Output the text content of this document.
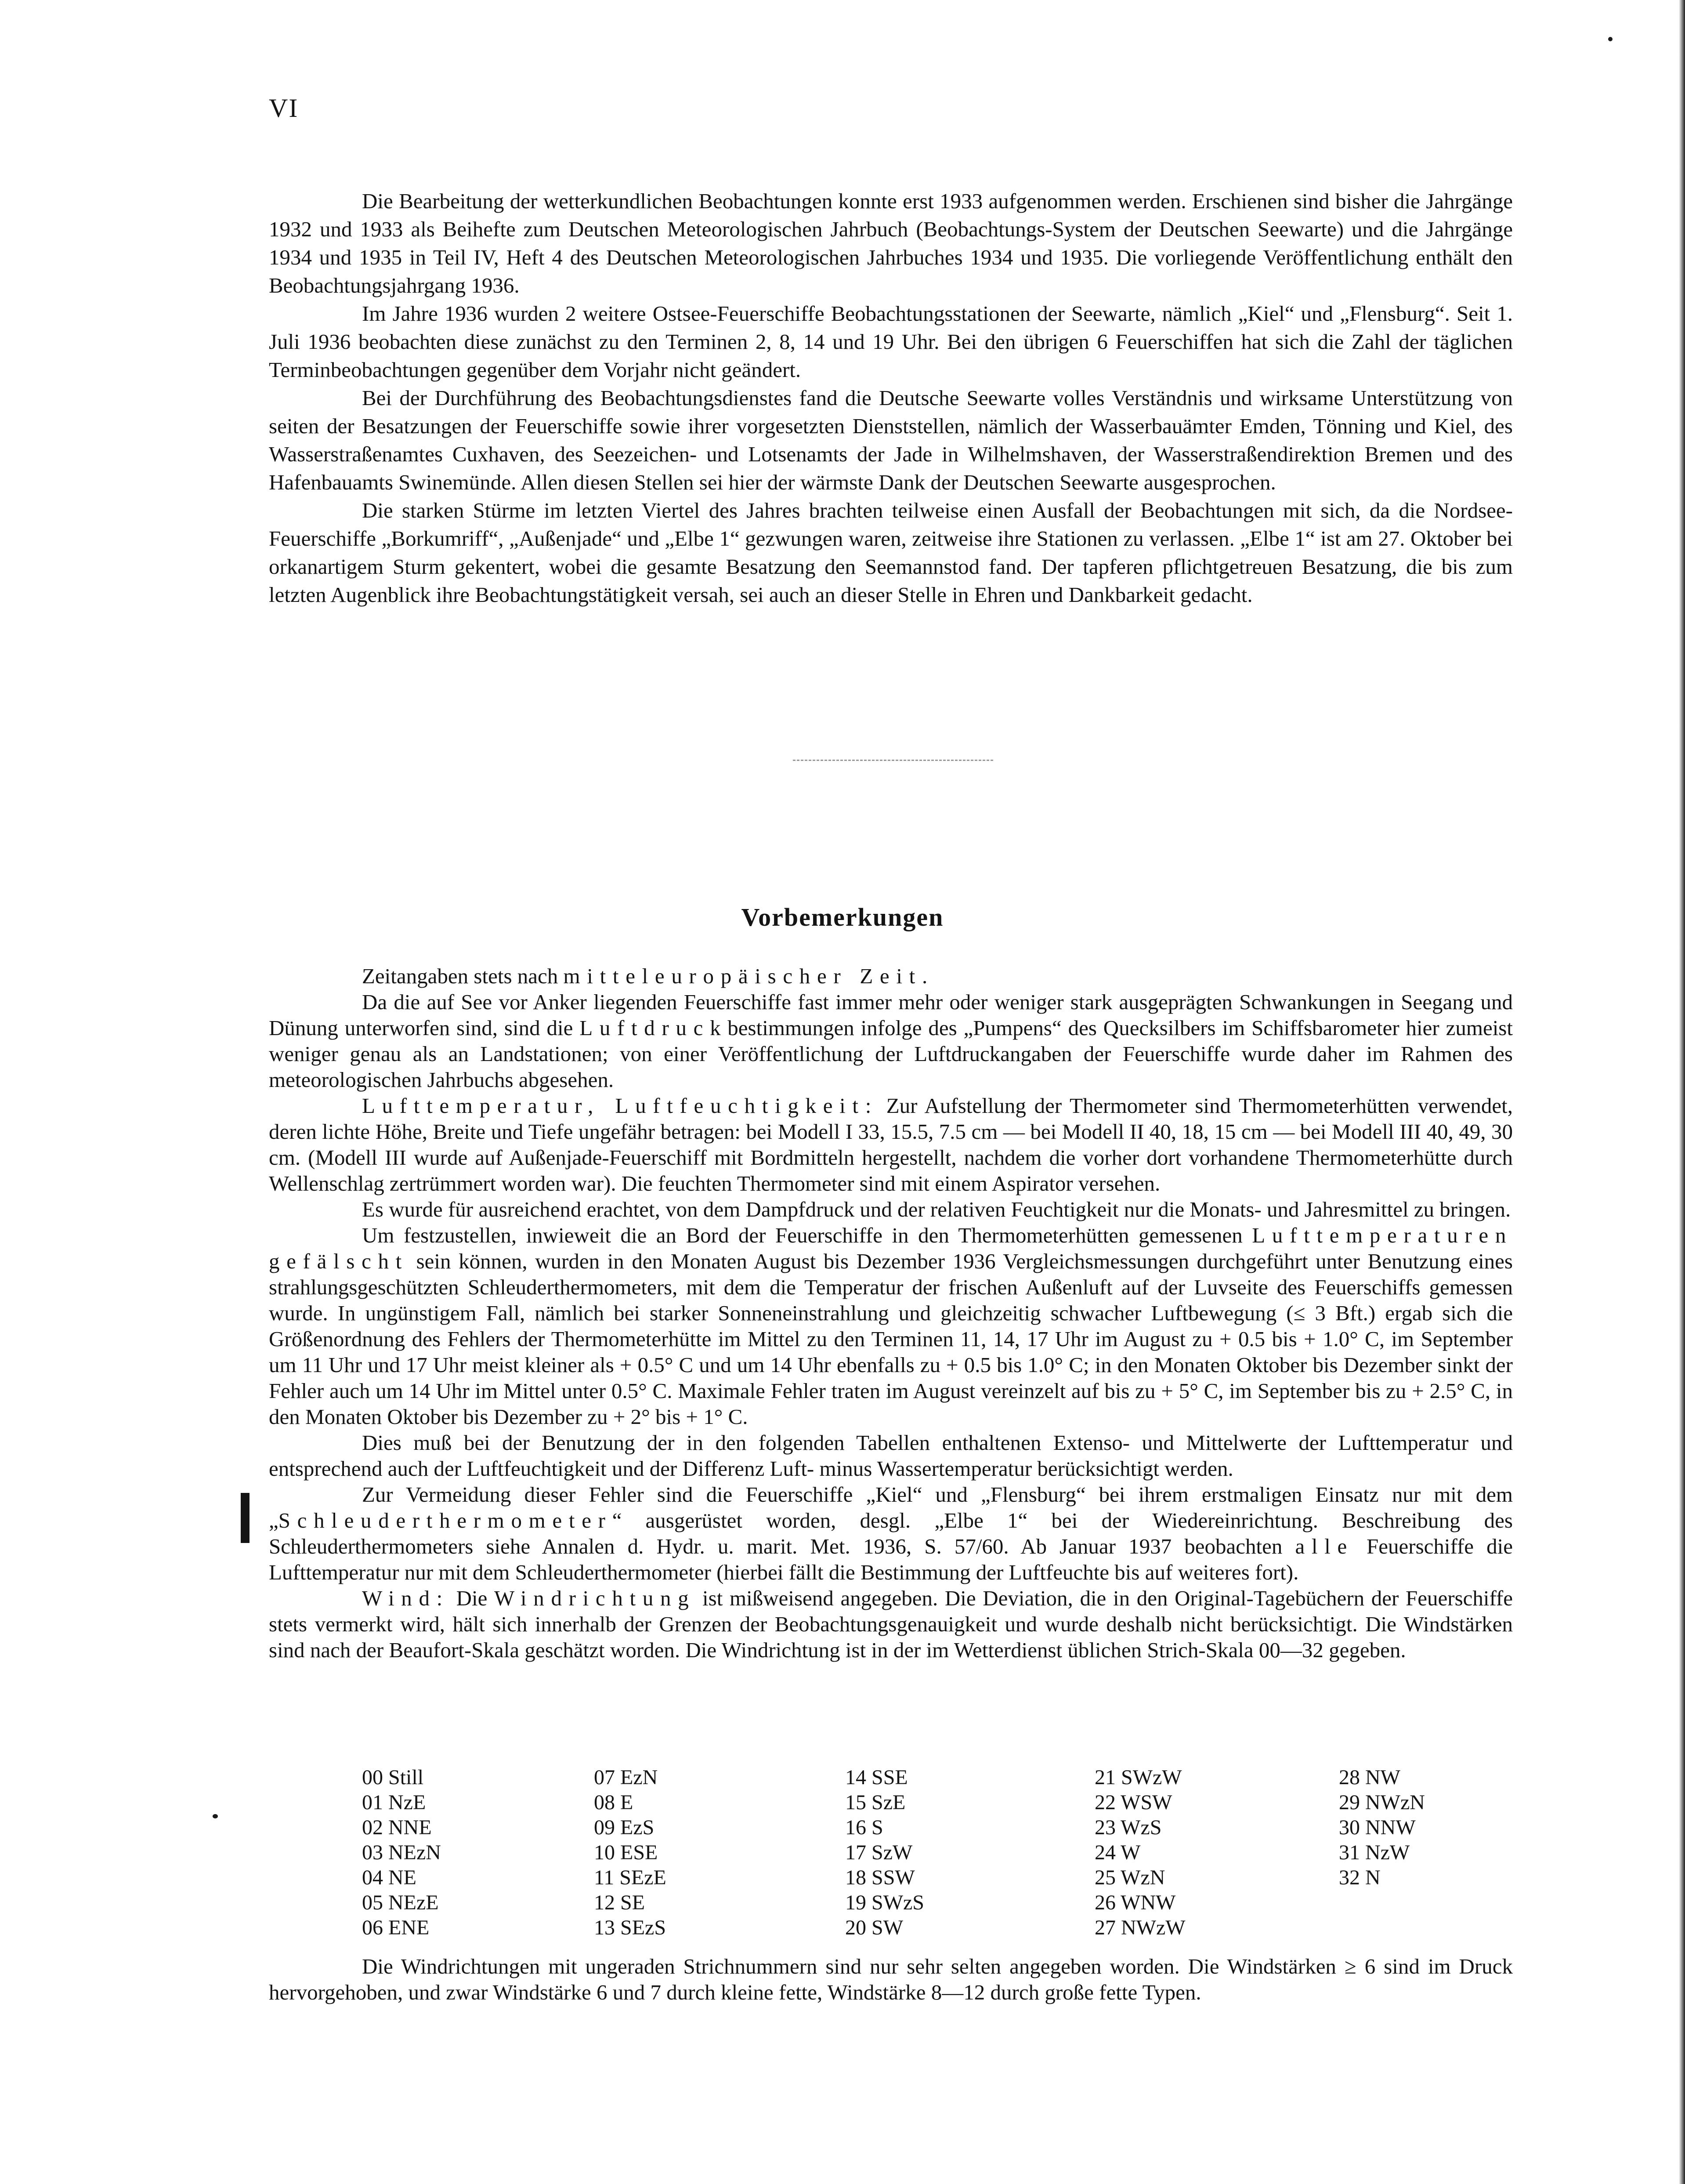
VI

Die Bearbeitung der wetterkundlichen Beobachtungen konnte erst 1933 aufgenommen werden. Erschienen sind bisher die Jahrgänge 1932 und 1933 als Beihefte zum Deutschen Meteorologischen Jahrbuch (Beobachtungs-System der Deutschen Seewarte) und die Jahrgänge 1934 und 1935 in Teil IV, Heft 4 des Deutschen Meteorologischen Jahrbuches 1934 und 1935. Die vorliegende Veröffentlichung enthält den Beobachtungsjahrgang 1936.

Im Jahre 1936 wurden 2 weitere Ostsee-Feuerschiffe Beobachtungsstationen der Seewarte, nämlich „Kiel“ und „Flensburg“. Seit 1. Juli 1936 beobachten diese zunächst zu den Terminen 2, 8, 14 und 19 Uhr. Bei den übrigen 6 Feuerschiffen hat sich die Zahl der täglichen Terminbeobachtungen gegenüber dem Vorjahr nicht geändert.

Bei der Durchführung des Beobachtungsdienstes fand die Deutsche Seewarte volles Verständnis und wirksame Unterstützung von seiten der Besatzungen der Feuerschiffe sowie ihrer vorgesetzten Dienststellen, nämlich der Wasserbauämter Emden, Tönning und Kiel, des Wasserstraßenamtes Cuxhaven, des Seezeichen- und Lotsenamts der Jade in Wilhelmshaven, der Wasserstraßendirektion Bremen und des Hafenbauamts Swinemünde. Allen diesen Stellen sei hier der wärmste Dank der Deutschen Seewarte ausgesprochen.

Die starken Stürme im letzten Viertel des Jahres brachten teilweise einen Ausfall der Beobachtungen mit sich, da die Nordsee-Feuerschiffe „Borkumriff“, „Außenjade“ und „Elbe 1“ gezwungen waren, zeitweise ihre Stationen zu verlassen. „Elbe 1“ ist am 27. Oktober bei orkanartigem Sturm gekentert, wobei die gesamte Besatzung den Seemannstod fand. Der tapferen pflichtgetreuen Besatzung, die bis zum letzten Augenblick ihre Beobachtungstätigkeit versah, sei auch an dieser Stelle in Ehren und Dankbarkeit gedacht.

Vorbemerkungen

Zeitangaben stets nach mitteleuropäischer Zeit.

Da die auf See vor Anker liegenden Feuerschiffe fast immer mehr oder weniger stark ausgeprägten Schwankungen in Seegang und Dünung unterworfen sind, sind die Luftdruckbestimmungen infolge des „Pumpens“ des Quecksilbers im Schiffsbarometer hier zumeist weniger genau als an Landstationen; von einer Veröffentlichung der Luftdruckangaben der Feuerschiffe wurde daher im Rahmen des meteorologischen Jahrbuchs abgesehen.

Lufttemperatur, Luftfeuchtigkeit: Zur Aufstellung der Thermometer sind Thermometerhütten verwendet, deren lichte Höhe, Breite und Tiefe ungefähr betragen: bei Modell I 33, 15.5, 7.5 cm — bei Modell II 40, 18, 15 cm — bei Modell III 40, 49, 30 cm. (Modell III wurde auf Außenjade-Feuerschiff mit Bordmitteln hergestellt, nachdem die vorher dort vorhandene Thermometerhütte durch Wellenschlag zertrümmert worden war). Die feuchten Thermometer sind mit einem Aspirator versehen.

Es wurde für ausreichend erachtet, von dem Dampfdruck und der relativen Feuchtigkeit nur die Monats- und Jahresmittel zu bringen.

Um festzustellen, inwieweit die an Bord der Feuerschiffe in den Thermometerhütten gemessenen Lufttemperaturen gefälscht sein können, wurden in den Monaten August bis Dezember 1936 Vergleichsmessungen durchgeführt unter Benutzung eines strahlungsgeschützten Schleuderthermometers, mit dem die Temperatur der frischen Außenluft auf der Luvseite des Feuerschiffs gemessen wurde. In ungünstigem Fall, nämlich bei starker Sonneneinstrahlung und gleichzeitig schwacher Luftbewegung (≤ 3 Bft.) ergab sich die Größenordnung des Fehlers der Thermometerhütte im Mittel zu den Terminen 11, 14, 17 Uhr im August zu + 0.5 bis + 1.0° C, im September um 11 Uhr und 17 Uhr meist kleiner als + 0.5° C und um 14 Uhr ebenfalls zu + 0.5 bis 1.0° C; in den Monaten Oktober bis Dezember sinkt der Fehler auch um 14 Uhr im Mittel unter 0.5° C. Maximale Fehler traten im August vereinzelt auf bis zu + 5° C, im September bis zu + 2.5° C, in den Monaten Oktober bis Dezember zu + 2° bis + 1° C.

Dies muß bei der Benutzung der in den folgenden Tabellen enthaltenen Extenso- und Mittelwerte der Lufttemperatur und entsprechend auch der Luftfeuchtigkeit und der Differenz Luft- minus Wassertemperatur berücksichtigt werden.

Zur Vermeidung dieser Fehler sind die Feuerschiffe „Kiel“ und „Flensburg“ bei ihrem erstmaligen Einsatz nur mit dem „Schleuderthermometer“ ausgerüstet worden, desgl. „Elbe 1“ bei der Wiedereinrichtung. Beschreibung des Schleuderthermometers siehe Annalen d. Hydr. u. marit. Met. 1936, S. 57/60. Ab Januar 1937 beobachten alle Feuerschiffe die Lufttemperatur nur mit dem Schleuderthermometer (hierbei fällt die Bestimmung der Luftfeuchte bis auf weiteres fort).

Wind: Die Windrichtung ist mißweisend angegeben. Die Deviation, die in den Original-Tagebüchern der Feuerschiffe stets vermerkt wird, hält sich innerhalb der Grenzen der Beobachtungsgenauigkeit und wurde deshalb nicht berücksichtigt. Die Windstärken sind nach der Beaufort-Skala geschätzt worden. Die Windrichtung ist in der im Wetterdienst üblichen Strich-Skala 00—32 gegeben.

00 Still
01 NzE
02 NNE
03 NEzN
04 NE
05 NEzE
06 ENE
07 EzN
08 E
09 EzS
10 ESE
11 SEzE
12 SE
13 SEzS
14 SSE
15 SzE
16 S
17 SzW
18 SSW
19 SWzS
20 SW
21 SWzW
22 WSW
23 WzS
24 W
25 WzN
26 WNW
27 NWzW
28 NW
29 NWzN
30 NNW
31 NzW
32 N

Die Windrichtungen mit ungeraden Strichnummern sind nur sehr selten angegeben worden. Die Windstärken ≥ 6 sind im Druck hervorgehoben, und zwar Windstärke 6 und 7 durch kleine fette, Windstärke 8—12 durch große fette Typen.
